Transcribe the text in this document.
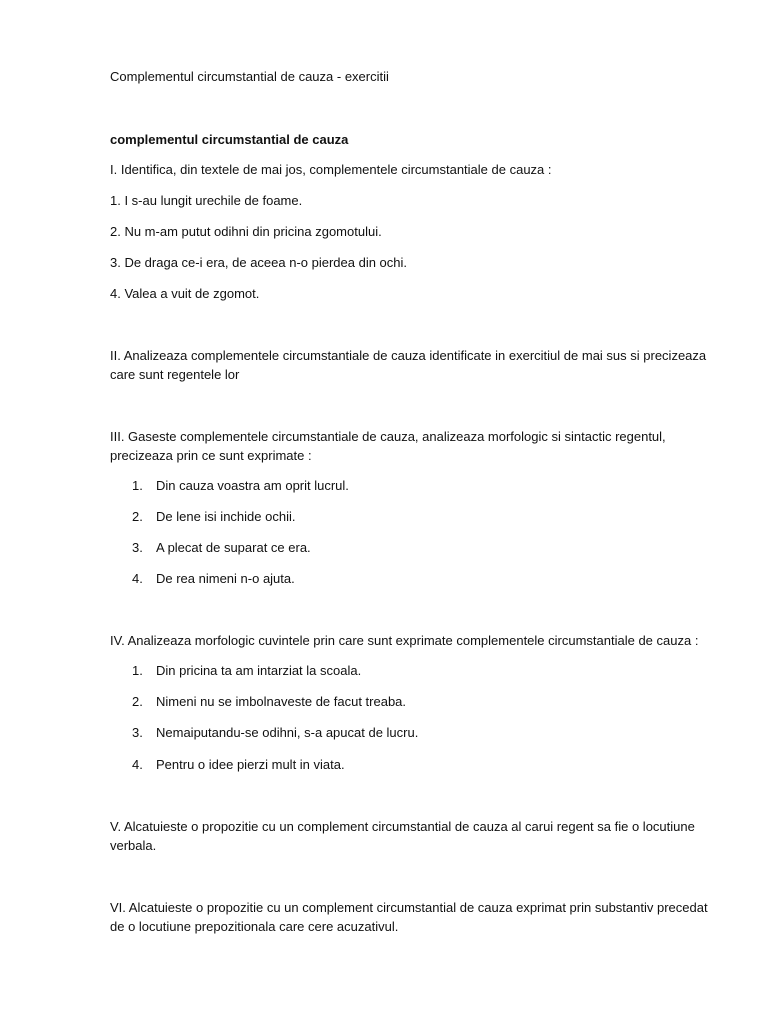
Complementul circumstantial de cauza - exercitii
complementul circumstantial de cauza
I. Identifica, din textele de mai jos, complementele circumstantiale de cauza :
1. I s-au lungit urechile de foame.
2. Nu m-am putut odihni din pricina zgomotului.
3. De draga ce-i era, de aceea n-o pierdea din ochi.
4. Valea a vuit de zgomot.
II. Analizeaza complementele circumstantiale de cauza identificate in exercitiul de mai sus si precizeaza
care sunt regentele lor
III. Gaseste complementele circumstantiale de cauza, analizeaza morfologic si sintactic regentul,
precizeaza prin ce sunt exprimate :
1. Din cauza voastra am oprit lucrul.
2. De lene isi inchide ochii.
3. A plecat de suparat ce era.
4. De rea nimeni n-o ajuta.
IV. Analizeaza morfologic cuvintele prin care sunt exprimate complementele circumstantiale de cauza :
1. Din pricina ta am intarziat la scoala.
2. Nimeni nu se imbolnaveste de facut treaba.
3. Nemaiputandu-se odihni, s-a apucat de lucru.
4. Pentru o idee pierzi mult in viata.
V. Alcatuieste o propozitie cu un complement circumstantial de cauza al carui regent sa fie o locutiune
verbala.
VI. Alcatuieste o propozitie cu un complement circumstantial de cauza exprimat prin substantiv precedat
de o locutiune prepozitionala care cere acuzativul.
